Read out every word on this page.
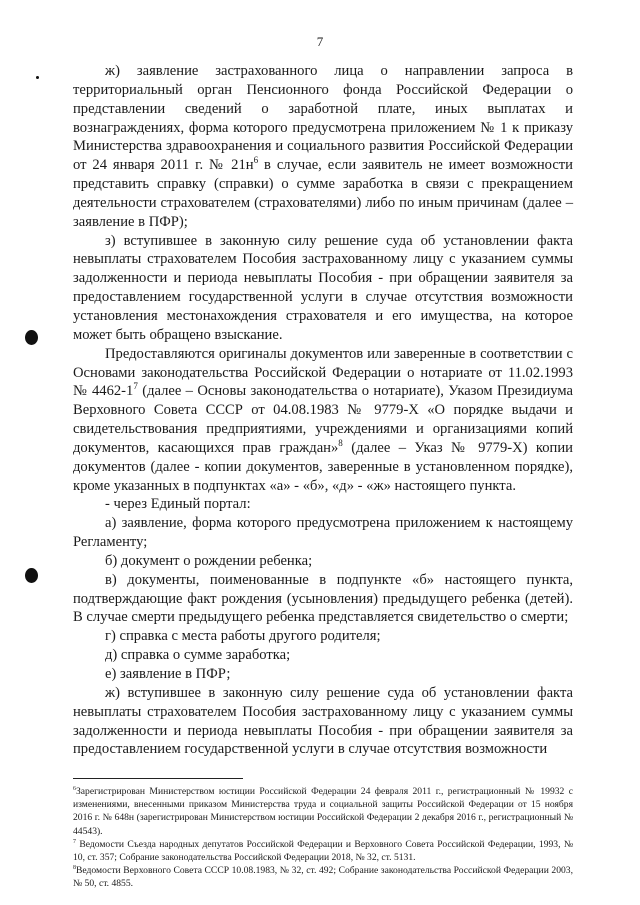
7

ж) заявление застрахованного лица о направлении запроса в территориальный орган Пенсионного фонда Российской Федерации о представлении сведений о заработной плате, иных выплатах и вознаграждениях, форма которого предусмотрена приложением № 1 к приказу Министерства здравоохранения и социального развития Российской Федерации от 24 января 2011 г. № $21н^6$ в случае, если заявитель не имеет возможности представить справку (справки) о сумме заработка в связи с прекращением деятельности страхователем (страхователями) либо по иным причинам (далее – заявление в ПФР);

з) вступившее в законную силу решение суда об установлении факта невыплаты страхователем Пособия застрахованному лицу с указанием суммы задолженности и периода невыплаты Пособия - при обращении заявителя за предоставлением государственной услуги в случае отсутствия возможности установления местонахождения страхователя и его имущества, на которое может быть обращено взыскание.

Предоставляются оригиналы документов или заверенные в соответствии с Основами законодательства Российской Федерации о нотариате от 11.02.1993 № $4462-1^7$ (далее – Основы законодательства о нотариате), Указом Президиума Верховного Совета СССР от 04.08.1983 № 9779-Х «О порядке выдачи и свидетельствования предприятиями, учреждениями и организациями копий документов, касающихся прав граждан»$^8$ (далее – Указ № 9779-Х) копии документов (далее - копии документов, заверенные в установленном порядке), кроме указанных в подпунктах «а» - «б», «д» - «ж» настоящего пункта.

- через Единый портал:

а) заявление, форма которого предусмотрена приложением к настоящему Регламенту;

б) документ о рождении ребенка;

в) документы, поименованные в подпункте «б» настоящего пункта, подтверждающие факт рождения (усыновления) предыдущего ребенка (детей). В случае смерти предыдущего ребенка представляется свидетельство о смерти;

г) справка с места работы другого родителя;

д) справка о сумме заработка;

е) заявление в ПФР;

ж) вступившее в законную силу решение суда об установлении факта невыплаты страхователем Пособия застрахованному лицу с указанием суммы задолженности и периода невыплаты Пособия - при обращении заявителя за предоставлением государственной услуги в случае отсутствия возможности

$^6$Зарегистрирован Министерством юстиции Российской Федерации 24 февраля 2011 г., регистрационный № 19932 с изменениями, внесенными приказом Министерства труда и социальной защиты Российской Федерации от 15 ноября 2016 г. № 648н (зарегистрирован Министерством юстиции Российской Федерации 2 декабря 2016 г., регистрационный № 44543).

$^7$ Ведомости Съезда народных депутатов Российской Федерации и Верховного Совета Российской Федерации, 1993, № 10, ст. 357; Собрание законодательства Российской Федерации 2018, № 32, ст. 5131.

$^8$Ведомости Верховного Совета СССР 10.08.1983, № 32, ст. 492; Собрание законодательства Российской Федерации 2003, № 50, ст. 4855.
